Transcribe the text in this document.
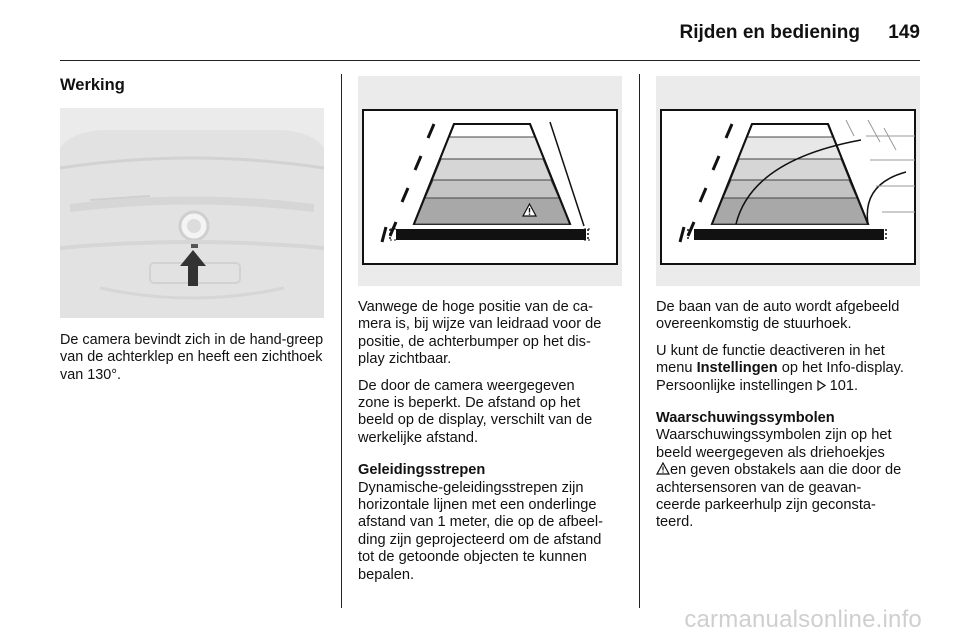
Rijden en bediening 149
Werking

De camera bevindt zich in de hand-greep van de achterklep en heeft een zichthoek van 130°.

Vanwege de hoge positie van de ca-
mera is, bij wijze van leidraad voor de
positie, de achterbumper op het dis-
play zichtbaar.

De door de camera weergegeven
zone is beperkt. De afstand op het
beeld op de display, verschilt van de
werkelijke afstand.

Geleidingsstrepen

Dynamische-geleidingsstrepen zijn
horizontale lijnen met een onderlinge
afstand van 1 meter, die op de afbeel-
ding zijn geprojecteerd om de afstand
tot de getoonde objecten te kunnen
bepalen.

De baan van de auto wordt afgebeeld
overeenkomstig de stuurhoek.

U kunt de functie deactiveren in het
menu Instellingen op het Info-display.
Persoonlijke instellingen  101.

Waarschuwingssymbolen

Waarschuwingssymbolen zijn op het
beeld weergegeven als driehoekjes
en geven obstakels aan die door de
achtersensoren van de geavan-
ceerde parkeerhulp zijn geconsta-
teerd.

carmanualsonline.info
